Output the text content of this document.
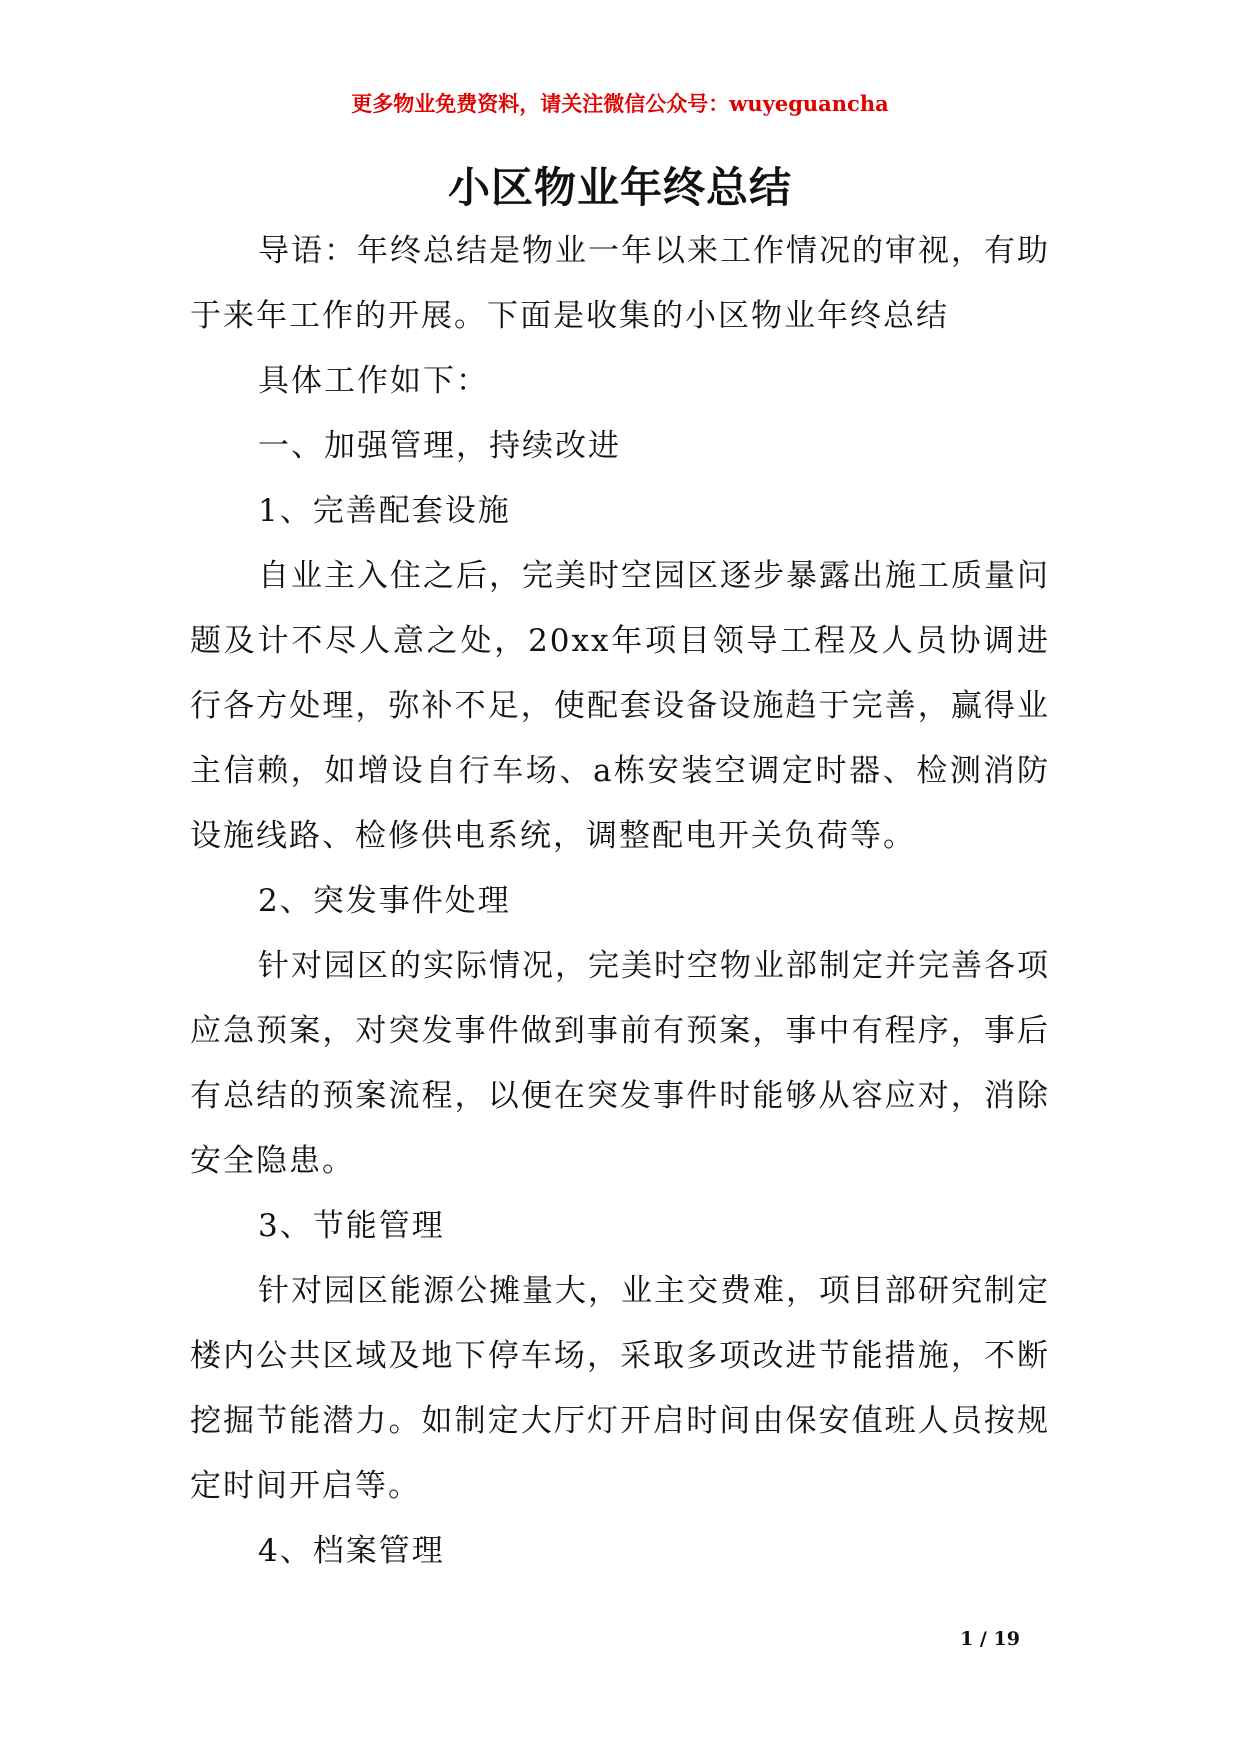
更多物业免费资料，请关注微信公众号：wuyeguancha
小区物业年终总结

导语：年终总结是物业一年以来工作情况的审视，有助于来年工作的开展。下面是收集的小区物业年终总结

具体工作如下：

一、加强管理，持续改进

1、完善配套设施

自业主入住之后，完美时空园区逐步暴露出施工质量问题及计不尽人意之处，20xx年项目领导工程及人员协调进行各方处理，弥补不足，使配套设备设施趋于完善，赢得业主信赖，如增设自行车场、a栋安装空调定时器、检测消防设施线路、检修供电系统，调整配电开关负荷等。

2、突发事件处理

针对园区的实际情况，完美时空物业部制定并完善各项应急预案，对突发事件做到事前有预案，事中有程序，事后有总结的预案流程，以便在突发事件时能够从容应对，消除安全隐患。

3、节能管理

针对园区能源公摊量大，业主交费难，项目部研究制定楼内公共区域及地下停车场，采取多项改进节能措施，不断挖掘节能潜力。如制定大厅灯开启时间由保安值班人员按规定时间开启等。

4、档案管理

1 / 19
